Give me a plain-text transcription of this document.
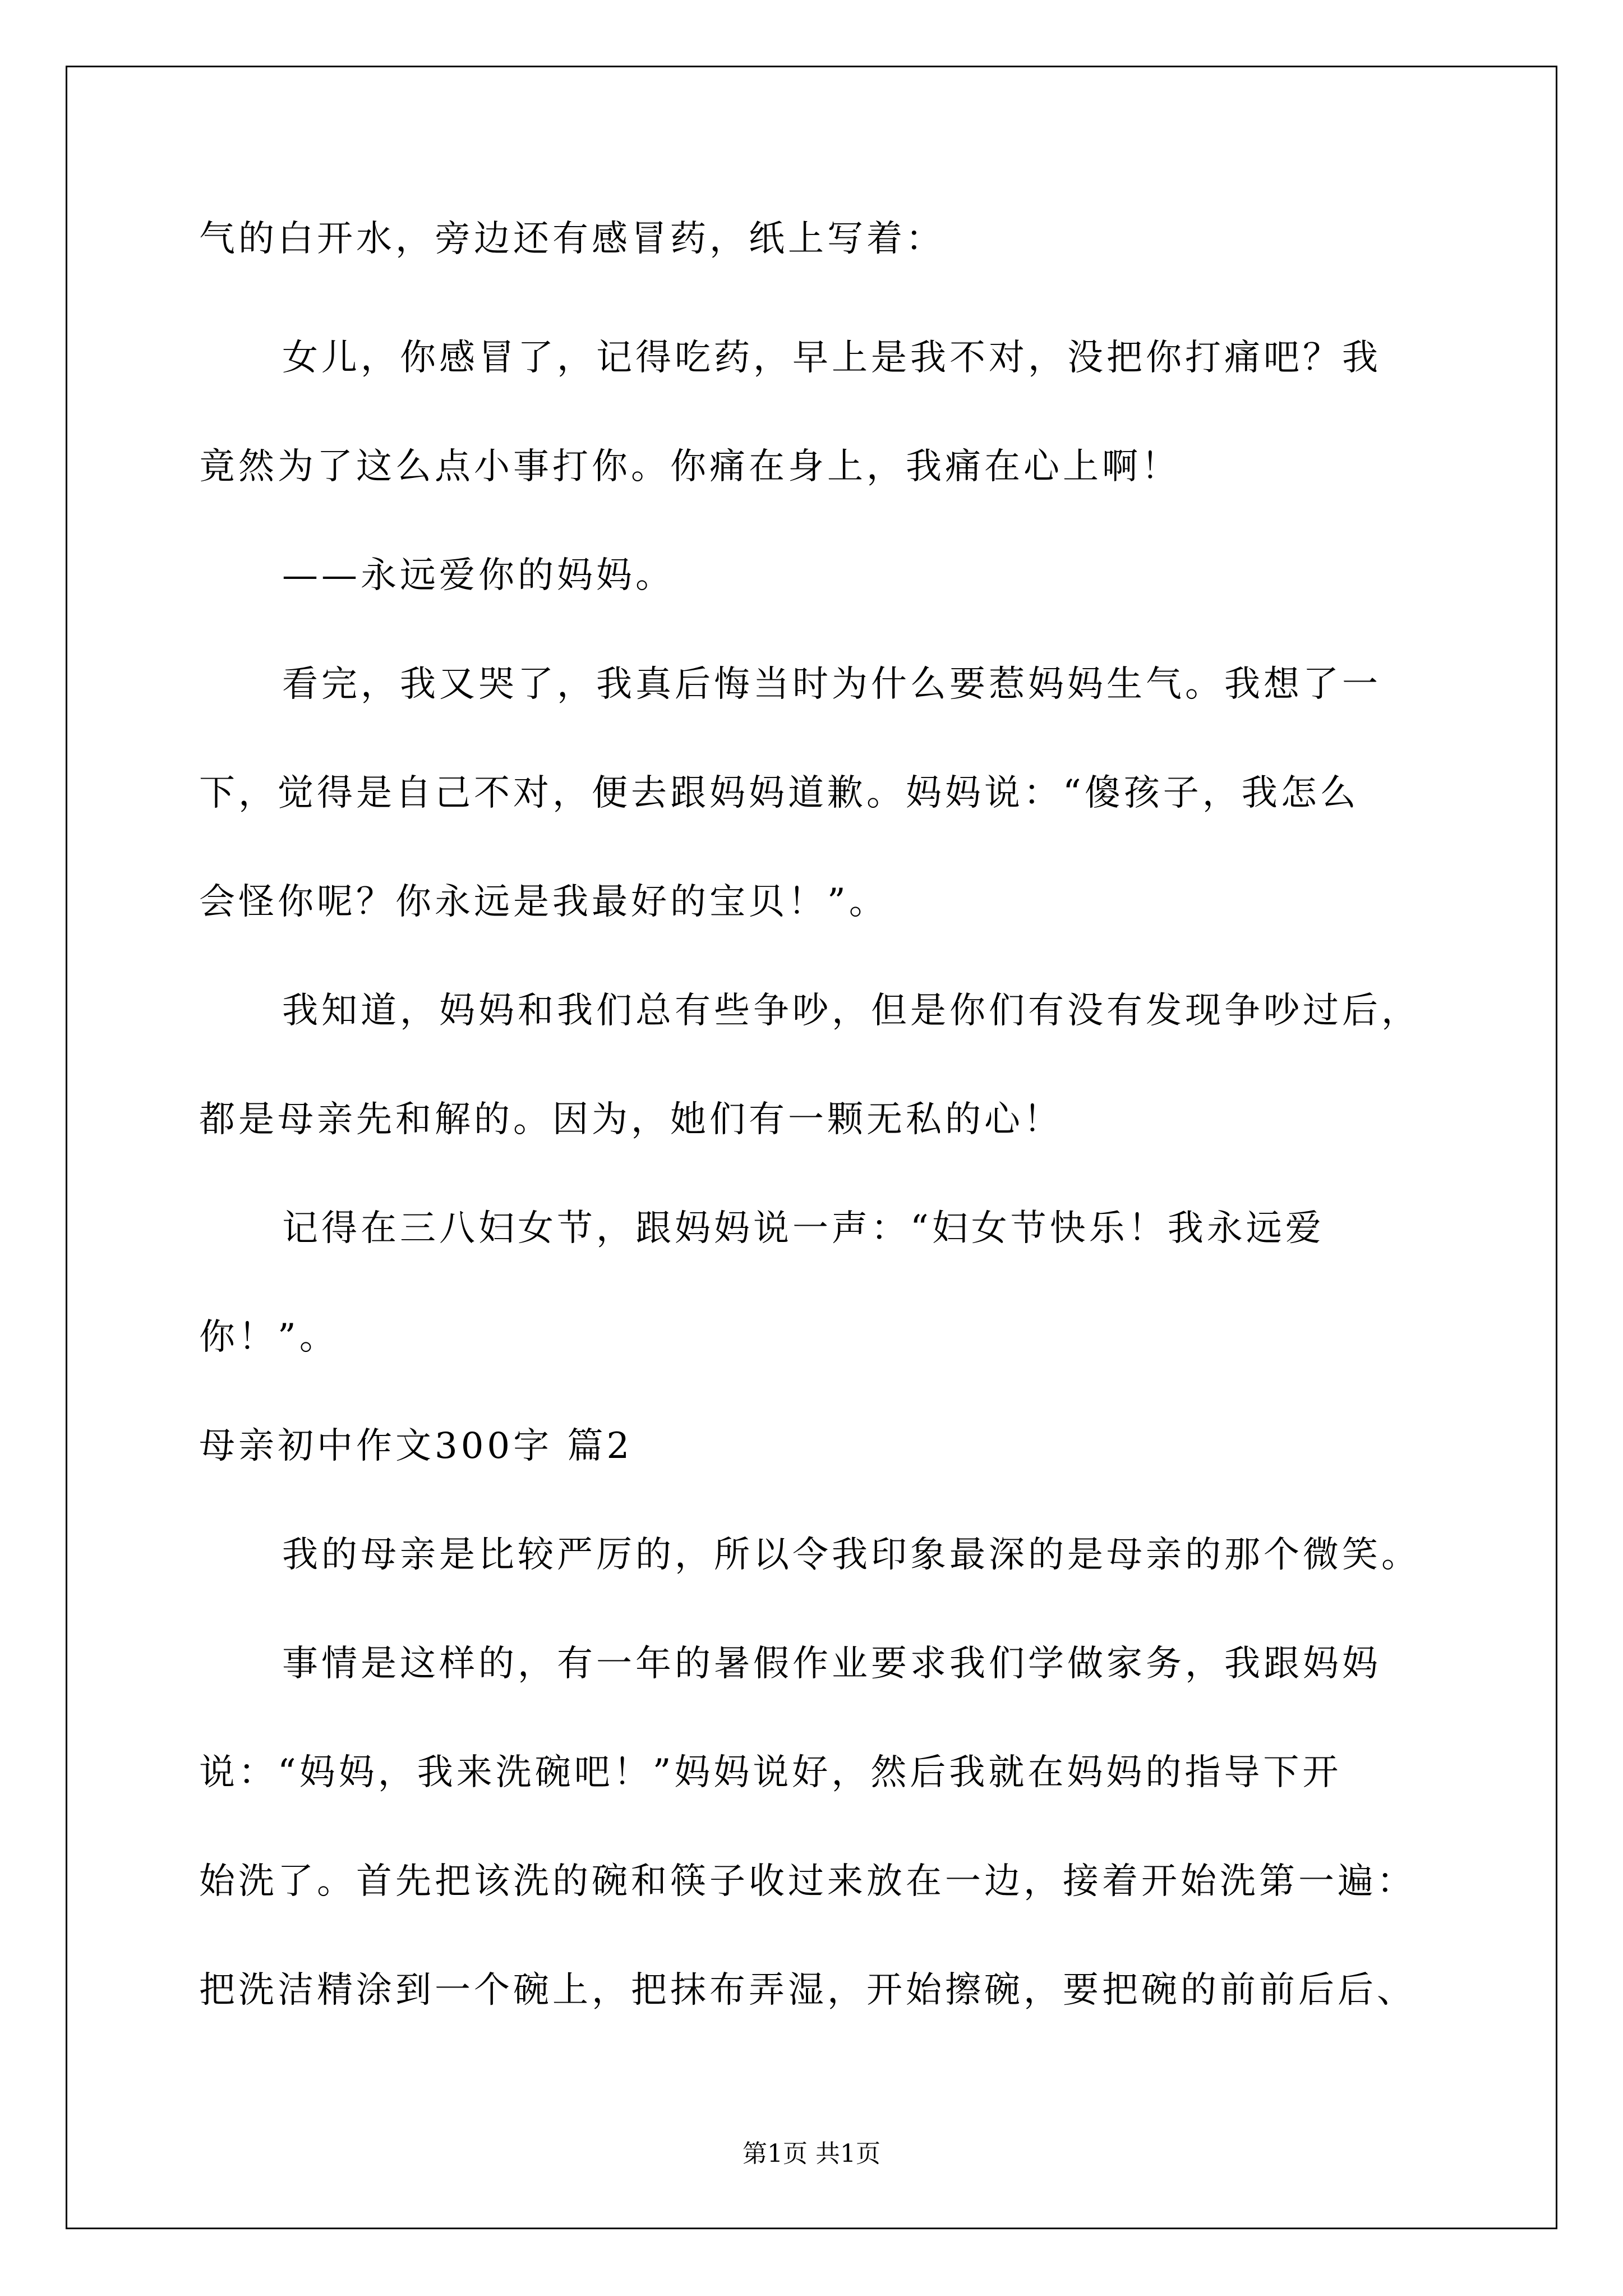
气的白开水，旁边还有感冒药，纸上写着：
女儿，你感冒了，记得吃药，早上是我不对，没把你打痛吧？我
竟然为了这么点小事打你。你痛在身上，我痛在心上啊！
——永远爱你的妈妈。
看完，我又哭了，我真后悔当时为什么要惹妈妈生气。我想了一
下，觉得是自己不对，便去跟妈妈道歉。妈妈说：“傻孩子，我怎么
会怪你呢？你永远是我最好的宝贝！”。
我知道，妈妈和我们总有些争吵，但是你们有没有发现争吵过后，
都是母亲先和解的。因为，她们有一颗无私的心！
记得在三八妇女节，跟妈妈说一声：“妇女节快乐！我永远爱
你！”。
母亲初中作文300字 篇2
我的母亲是比较严厉的，所以令我印象最深的是母亲的那个微笑。
事情是这样的，有一年的暑假作业要求我们学做家务，我跟妈妈
说：“妈妈，我来洗碗吧！”妈妈说好，然后我就在妈妈的指导下开
始洗了。首先把该洗的碗和筷子收过来放在一边，接着开始洗第一遍：
把洗洁精涂到一个碗上，把抹布弄湿，开始擦碗，要把碗的前前后后、
第1页 共1页
